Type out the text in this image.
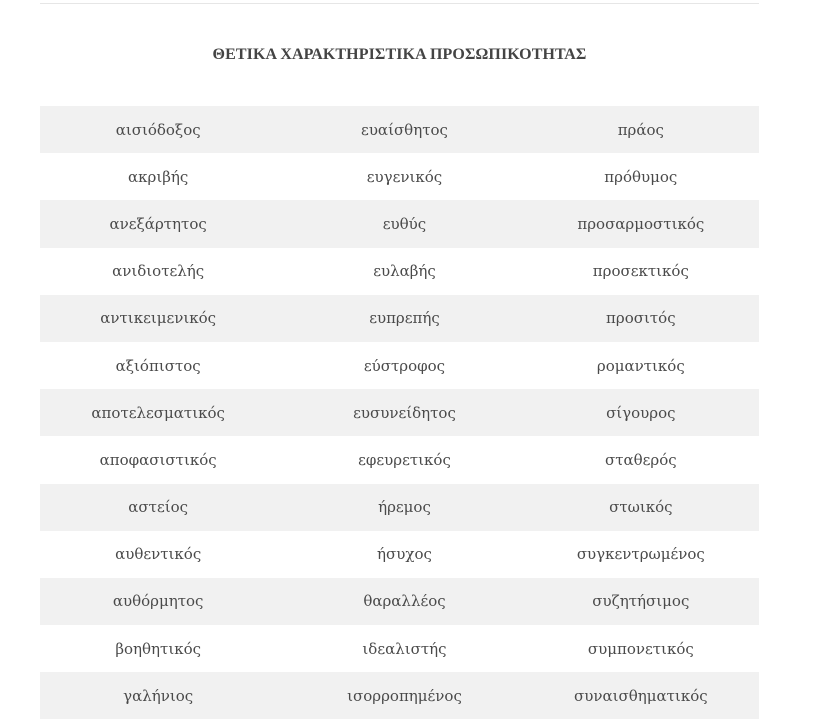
ΘΕΤΙΚΑ ΧΑΡΑΚΤΗΡΙΣΤΙΚΑ ΠΡΟΣΩΠΙΚΟΤΗΤΑΣ
αισιόδοξος	ευαίσθητος	πράος
ακριβής	ευγενικός	πρόθυμος
ανεξάρτητος	ευθύς	προσαρμοστικός
ανιδιοτελής	ευλαβής	προσεκτικός
αντικειμενικός	ευπρεπής	προσιτός
αξιόπιστος	εύστροφος	ρομαντικός
αποτελεσματικός	ευσυνείδητος	σίγουρος
αποφασιστικός	εφευρετικός	σταθερός
αστείος	ήρεμος	στωικός
αυθεντικός	ήσυχος	συγκεντρωμένος
αυθόρμητος	θαραλλέος	συζητήσιμος
βοηθητικός	ιδεαλιστής	συμπονετικός
γαλήνιος	ισορροπημένος	συναισθηματικός
